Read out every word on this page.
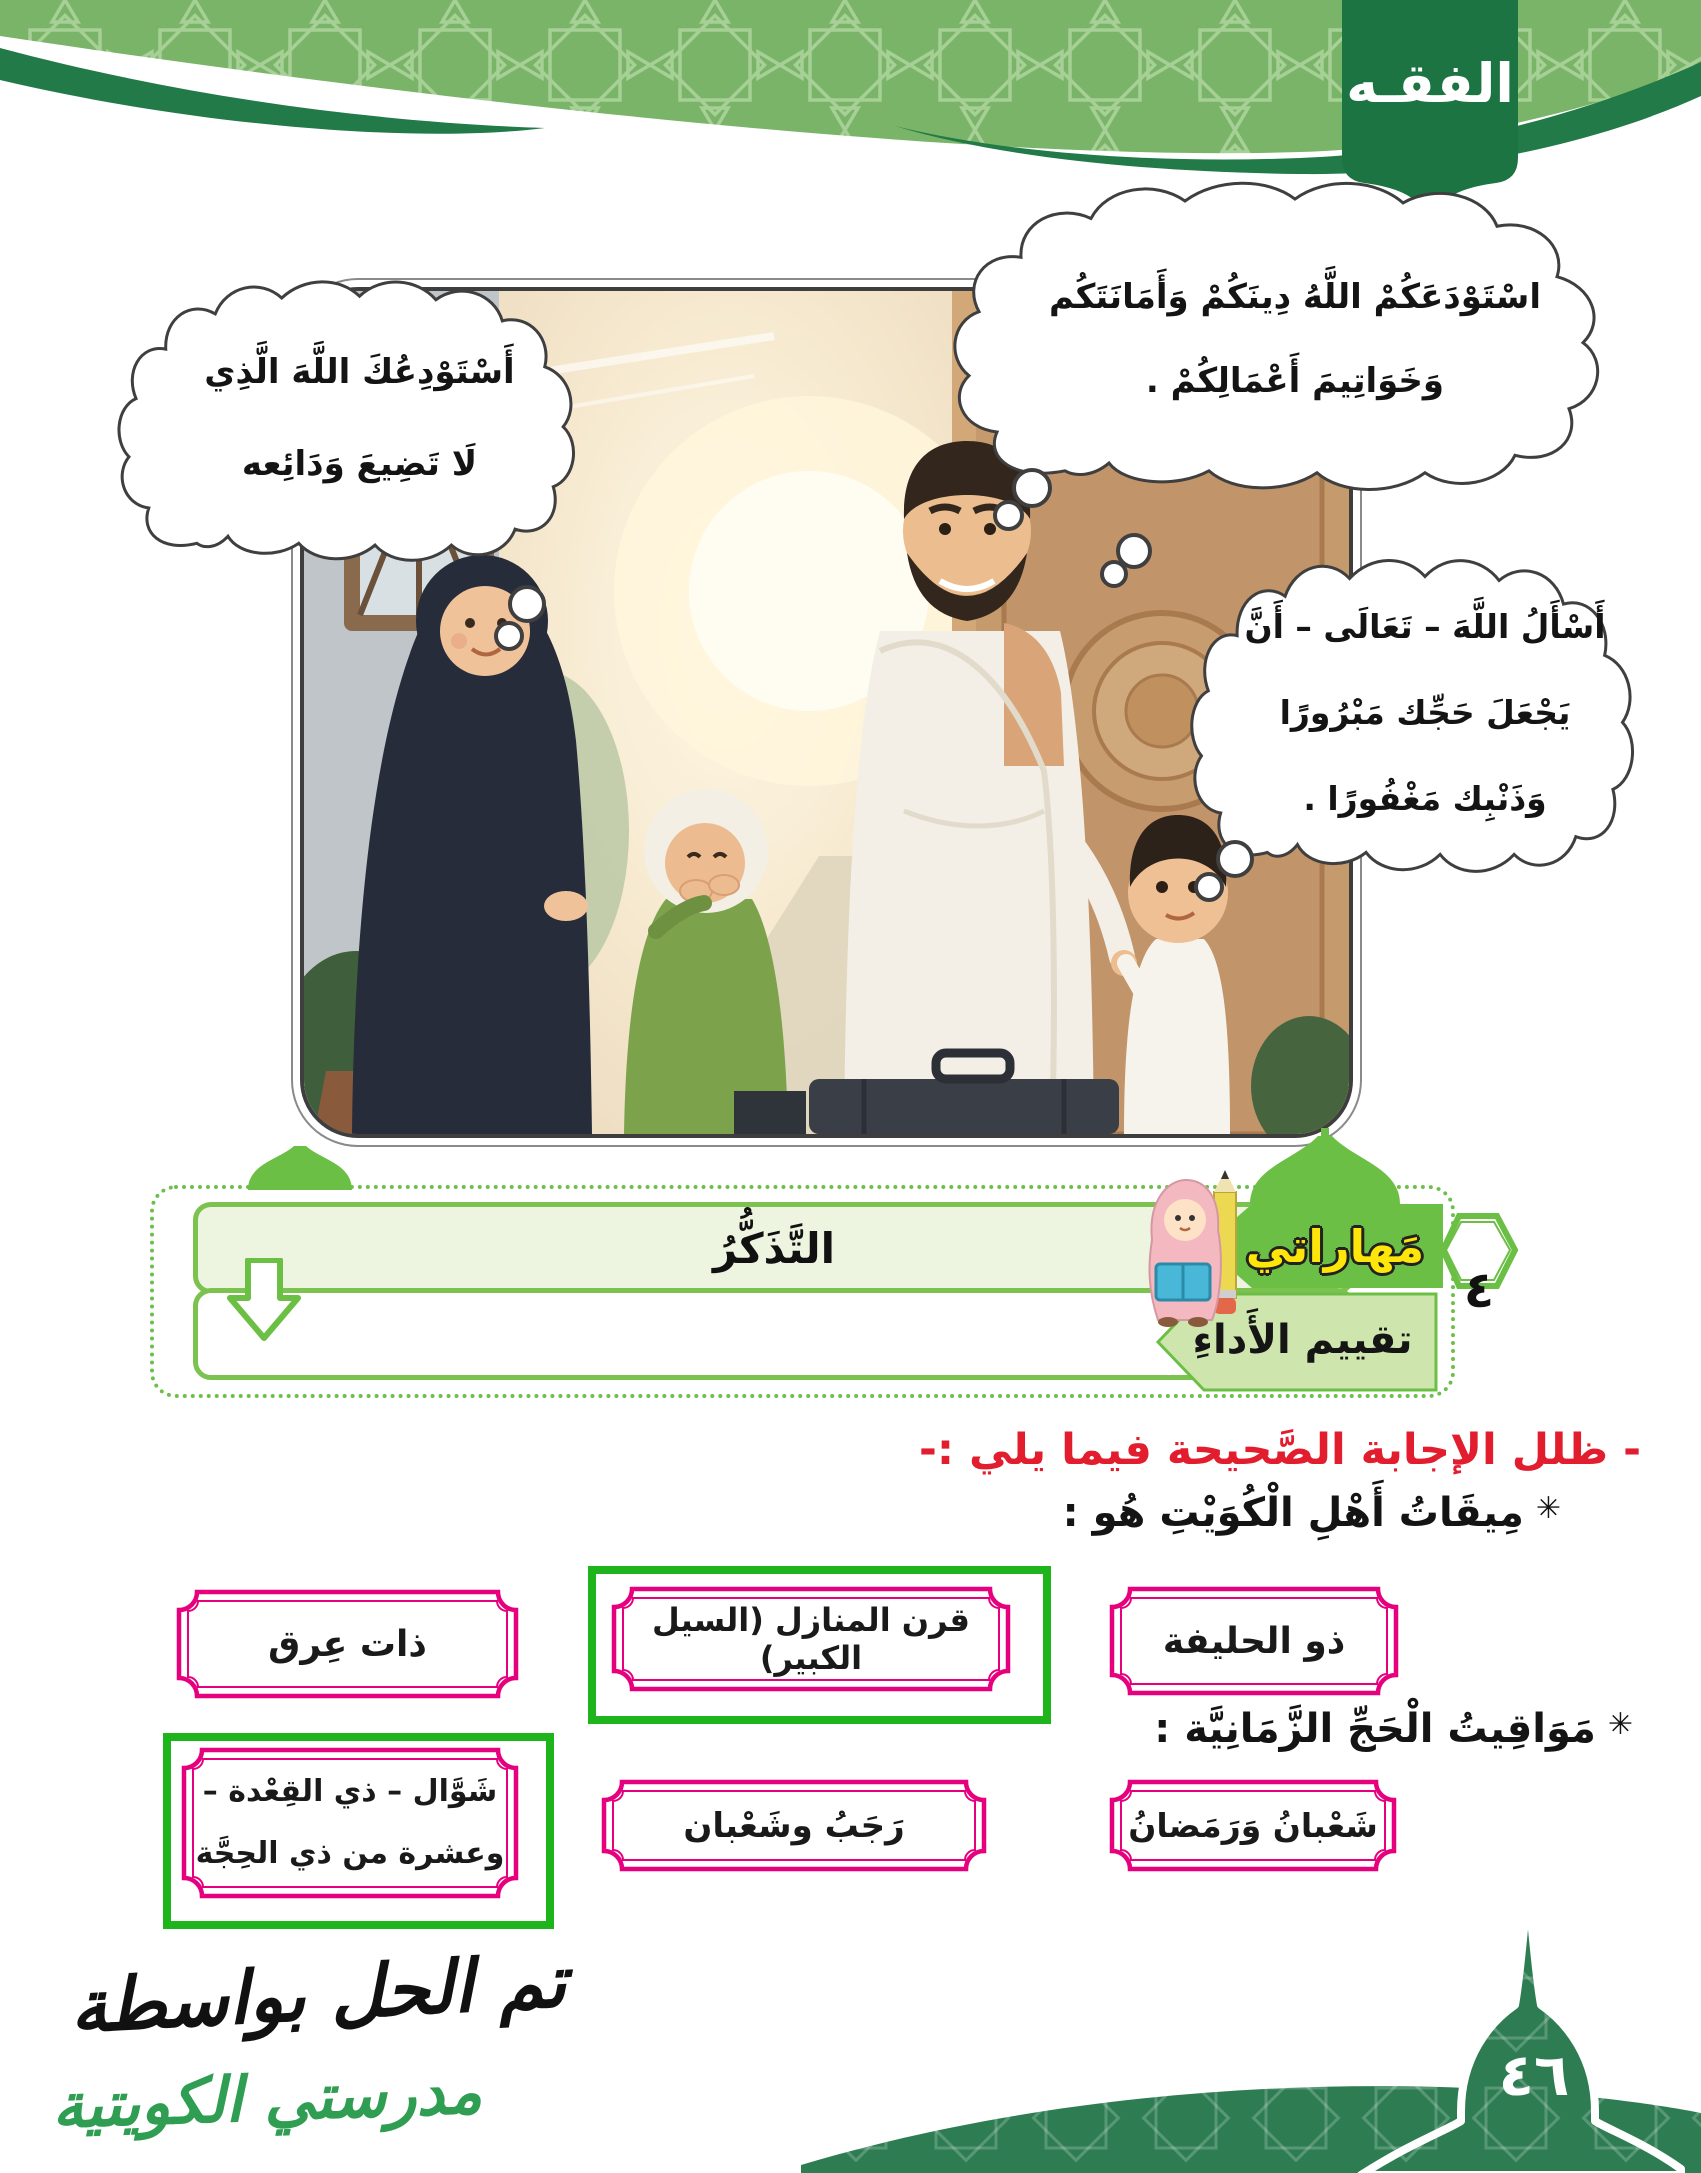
الفقـه
اسْتَوْدَعَكُمْ اللَّهُ دِينَكُمْ وَأَمَانَتَكُم
وَخَوَاتِيمَ أَعْمَالِكُمْ .
أَسْتَوْدِعُكَ اللَّهَ الَّذِي
لَا تَضِيعَ وَدَائِعه
أَسْأَلُ اللَّهَ – تَعَالَى – أَنَّ
يَجْعَلَ حَجِّك مَبْرُورًا
وَذَنْبِك مَغْفُورًا .
التَّذَكُّرُ	مَهاراتي
تقييم الأَداءِ
٤
- ظلل الإجابة الصَّحيحة فيما يلي :-
✳مِيقَاتُ أَهْلِ الْكُوَيْتِ هُو :
ذو الحليفة
قرن المنازل (السيل الكبير)
ذات عِرق
✳مَوَاقِيتُ الْحَجِّ الزَّمَانِيَّة :
شَعْبانُ وَرَمَضانُ
رَجَبُ وشَعْبان
شَوَّال – ذي القِعْدة –
وعشرة من ذي الحِجَّة
تم الحل بواسطة
مدرستي الكويتية	٤٦
